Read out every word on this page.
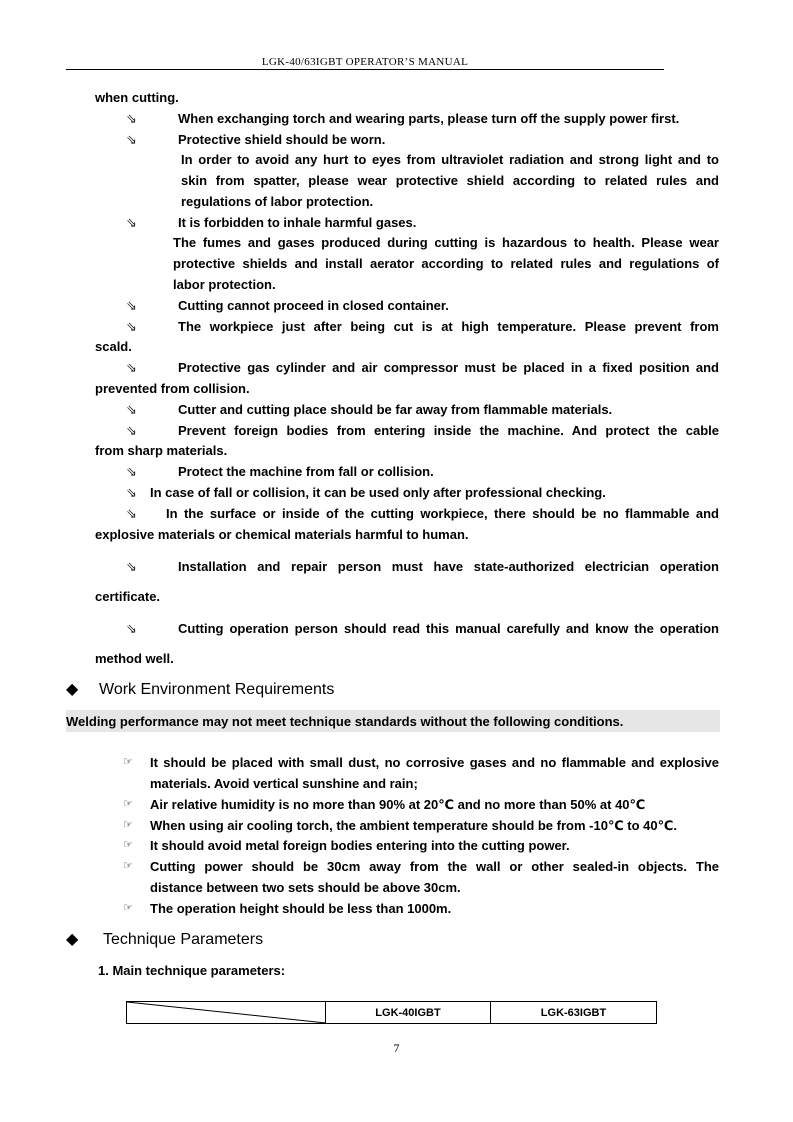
LGK-40/63IGBT OPERATOR’S MANUAL
when cutting.
⇘	When exchanging torch and wearing parts, please turn off the supply power first.
⇘	Protective shield should be worn.
In order to avoid any hurt to eyes from ultraviolet radiation and strong light and to
skin from spatter, please wear protective shield according to related rules and
regulations of labor protection.
⇘	It is forbidden to inhale harmful gases.
The fumes and gases produced during cutting is hazardous to health. Please wear
protective shields and install aerator according to related rules and regulations of
labor protection.
⇘	Cutting cannot proceed in closed container.
⇘	The workpiece just after being cut is at high temperature. Please prevent from
scald.
⇘	Protective gas cylinder and air compressor must be placed in a fixed position and
prevented from collision.
⇘	Cutter and cutting place should be far away from flammable materials.
⇘	Prevent foreign bodies from entering inside the machine. And protect the cable
from sharp materials.
⇘	Protect the machine from fall or collision.
⇘ In case of fall or collision, it can be used only after professional checking.
⇘ In the surface or inside of the cutting workpiece, there should be no flammable and
explosive materials or chemical materials harmful to human.
⇘	Installation and repair person must have state-authorized electrician operation
certificate.
⇘	Cutting operation person should read this manual carefully and know the operation
method well.
◆ Work Environment Requirements
Welding performance may not meet technique standards without the following conditions.
☞ It should be placed with small dust, no corrosive gases and no flammable and explosive
materials. Avoid vertical sunshine and rain;
☞ Air relative humidity is no more than 90% at 20℃ and no more than 50% at 40℃
☞ When using air cooling torch, the ambient temperature should be from -10℃ to 40℃.
☞ It should avoid metal foreign bodies entering into the cutting power.
☞ Cutting power should be 30cm away from the wall or other sealed-in objects. The
distance between two sets should be above 30cm.
☞ The operation height should be less than 1000m.
◆ Technique Parameters
1. Main technique parameters:
	LGK-40IGBT	LGK-63IGBT
7
